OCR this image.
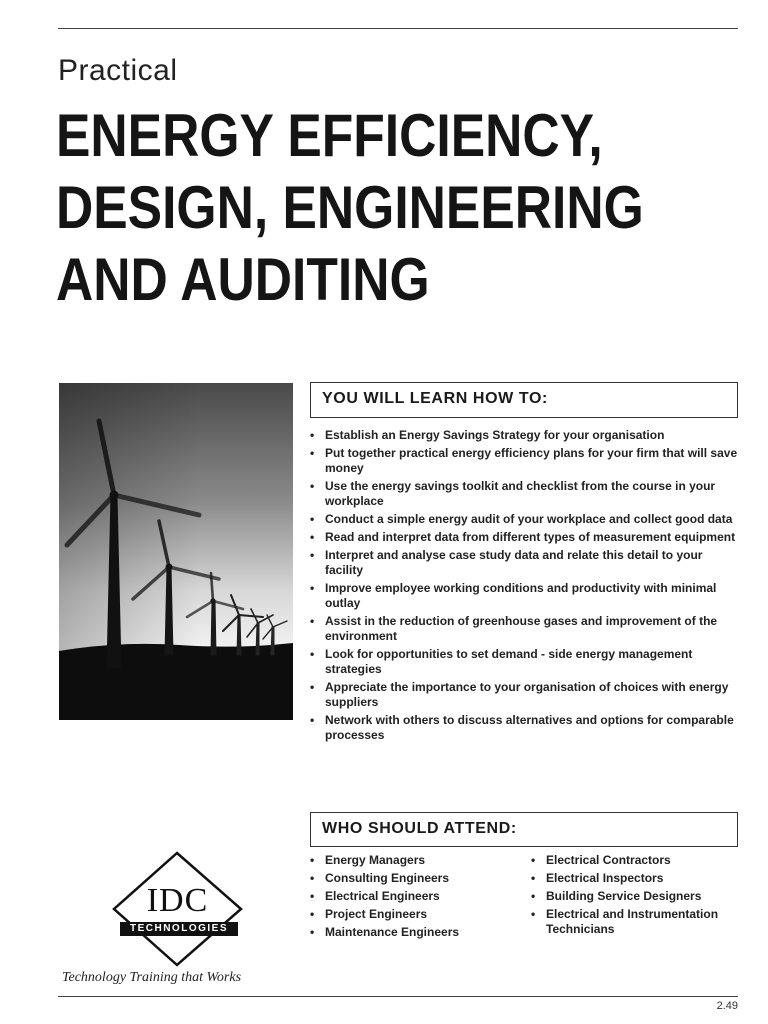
Practical
ENERGY EFFICIENCY,
DESIGN, ENGINEERING
AND AUDITING
YOU WILL LEARN HOW TO:
• Establish an Energy Savings Strategy for your organisation
• Put together practical energy efficiency plans for your firm that will save money
• Use the energy savings toolkit and checklist from the course in your workplace
• Conduct a simple energy audit of your workplace and collect good data
• Read and interpret data from different types of measurement equipment
• Interpret and analyse case study data and relate this detail to your facility
• Improve employee working conditions and productivity with minimal outlay
• Assist in the reduction of greenhouse gases and improvement of the environment
• Look for opportunities to set demand - side energy management strategies
• Appreciate the importance to your organisation of choices with energy suppliers
• Network with others to discuss alternatives and options for comparable processes
WHO SHOULD ATTEND:
• Energy Managers
• Consulting Engineers
• Electrical Engineers
• Project Engineers
• Maintenance Engineers
• Electrical Contractors
• Electrical Inspectors
• Building Service Designers
• Electrical and Instrumentation Technicians
IDC
TECHNOLOGIES
Technology Training that Works
2.49
